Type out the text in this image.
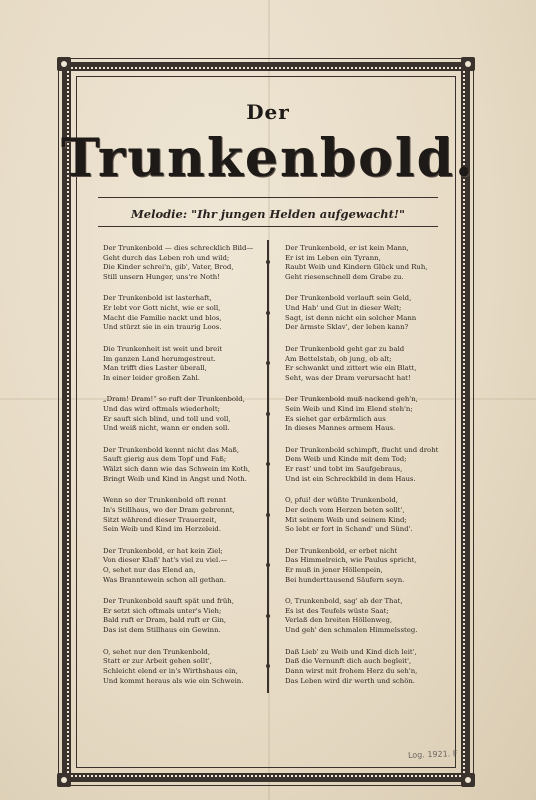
Der
Trunkenbold.
Melodie: "Ihr jungen Helden aufgewacht!"
Der Trunkenbold — dies schrecklich Bild—
Geht durch das Leben roh und wild;
Die Kinder schrei'n, gib', Vater, Brod,
Still unsern Hunger, uns're Noth!
Der Trunkenbold ist lasterhaft,
Er lebt vor Gott nicht, wie er soll,
Macht die Familie nackt und blos,
Und stürzt sie in ein traurig Loos.
Die Trunkenheit ist weit und breit
Im ganzen Land herumgestreut.
Man trifft dies Laster überall,
In einer leider großen Zahl.
„Dram! Dram!“ so ruft der Trunkenbold,
Und das wird oftmals wiederholt;
Er sauft sich blind, und toll und voll,
Und weiß nicht, wann er enden soll.
Der Trunkenbold kennt nicht das Maß,
Sauft gierig aus dem Topf und Faß;
Wälzt sich dann wie das Schwein im Koth,
Bringt Weib und Kind in Angst und Noth.
Wenn so der Trunkenbold oft rennt
In's Stillhaus, wo der Dram gebrennt,
Sitzt während dieser Trauerzeit,
Sein Weib und Kind im Herzeleid.
Der Trunkenbold, er hat kein Ziel;
Von dieser Klaß' hat's viel zu viel.—
O, sehet nur das Elend an,
Was Branntewein schon all gethan.
Der Trunkenbold sauft spät und früh,
Er setzt sich oftmals unter's Vieh;
Bald ruft er Dram, bald ruft er Gin,
Das ist dem Stillhaus ein Gewinn.
O, sehet nur den Trunkenbold,
Statt er zur Arbeit gehen sollt',
Schleicht elend er in's Wirthshaus ein,
Und kommt heraus als wie ein Schwein.
Der Trunkenbold, er ist kein Mann,
Er ist im Leben ein Tyrann,
Raubt Weib und Kindern Glück und Ruh,
Geht riesenschnell dem Grabe zu.
Der Trunkenbold verlauft sein Geld,
Und Hab' und Gut in dieser Welt;
Sagt, ist denn nicht ein solcher Mann
Der ärmste Sklav', der leben kann?
Der Trunkenbold geht gar zu bald
Am Bettelstab, ob jung, ob alt;
Er schwankt und zittert wie ein Blatt,
Seht, was der Dram verursacht hat!
Der Trunkenbold muß nackend geh'n,
Sein Weib und Kind im Elend steh'n;
Es siehet gar erbärmlich aus
In dieses Mannes armem Haus.
Der Trunkenbold schimpft, flucht und droht
Dem Weib und Kinde mit dem Tod;
Er rast' und tobt im Saufgebraus,
Und ist ein Schreckbild in dem Haus.
O, pfui! der wüßte Trunkenbold,
Der doch vom Herzen beten sollt',
Mit seinem Weib und seinem Kind;
So lebt er fort in Schand' und Sünd'.
Der Trunkenbold, er erbet nicht
Das Himmelreich, wie Paulus spricht,
Er muß in jener Höllenpein,
Bei hunderttausend Säufern seyn.
O, Trunkenbold, sag' ab der That,
Es ist des Teufels wüste Saat;
Verlaß den breiten Höllenweg,
Und geh' den schmalen Himmelssteg.
Daß Lieb' zu Weib und Kind dich leit',
Daß die Vernunft dich auch begleit',
Dann wirst mit frohem Herz du seh'n,
Das Leben wird dir werth und schön.
Log. 1921. F
